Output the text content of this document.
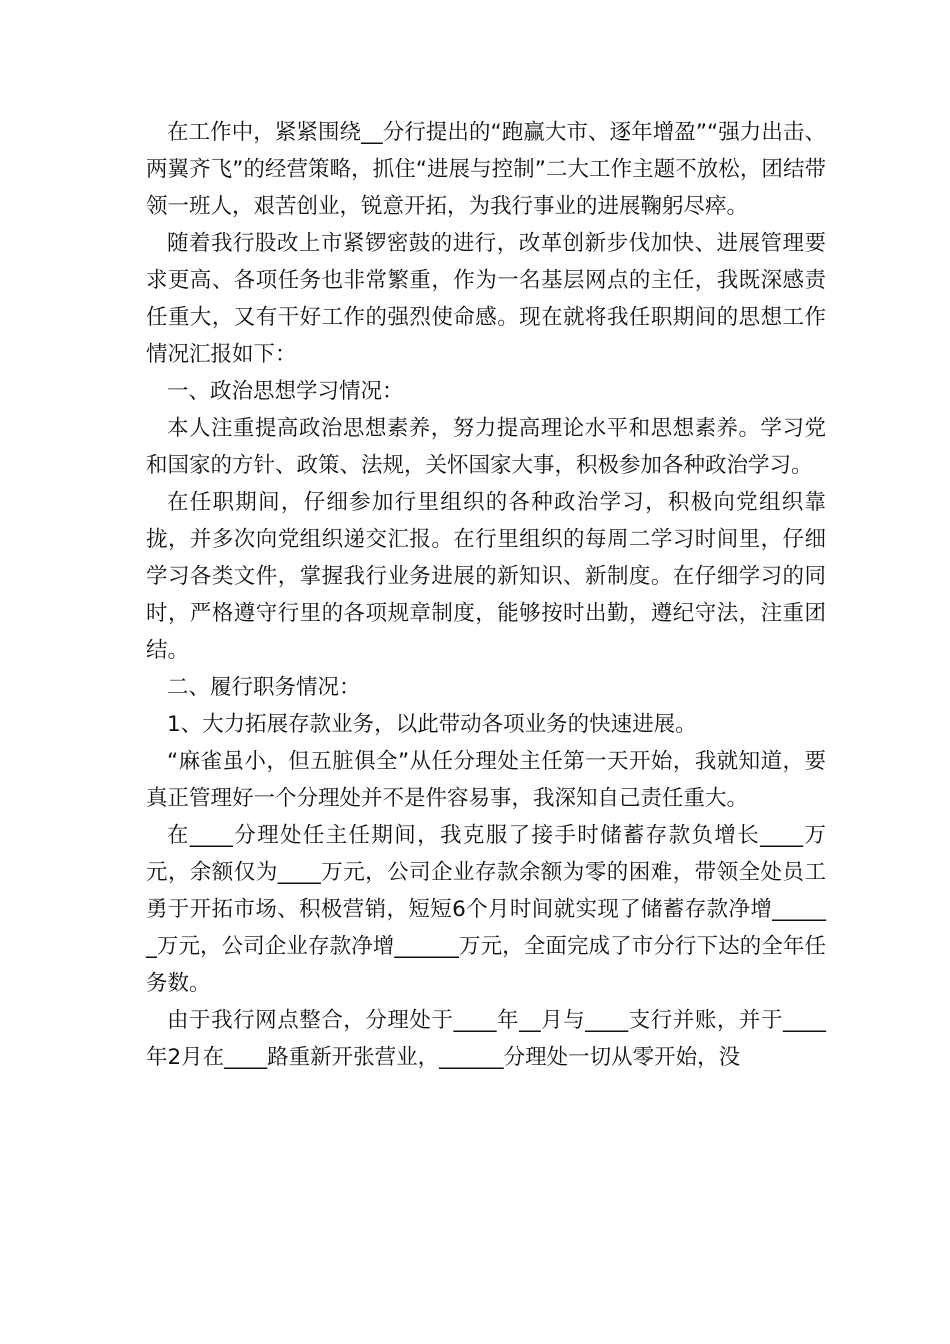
在工作中，紧紧围绕__分行提出的“跑赢大市、逐年增盈”“强力出击、两翼齐飞”的经营策略，抓住“进展与控制”二大工作主题不放松，团结带领一班人，艰苦创业，锐意开拓，为我行事业的进展鞠躬尽瘁。

随着我行股改上市紧锣密鼓的进行，改革创新步伐加快、进展管理要求更高、各项任务也非常繁重，作为一名基层网点的主任，我既深感责任重大，又有干好工作的强烈使命感。现在就将我任职期间的思想工作情况汇报如下：

一、政治思想学习情况：

本人注重提高政治思想素养，努力提高理论水平和思想素养。学习党和国家的方针、政策、法规，关怀国家大事，积极参加各种政治学习。

在任职期间，仔细参加行里组织的各种政治学习，积极向党组织靠拢，并多次向党组织递交汇报。在行里组织的每周二学习时间里，仔细学习各类文件，掌握我行业务进展的新知识、新制度。在仔细学习的同时，严格遵守行里的各项规章制度，能够按时出勤，遵纪守法，注重团结。

二、履行职务情况：

1、大力拓展存款业务，以此带动各项业务的快速进展。

“麻雀虽小，但五脏俱全”从任分理处主任第一天开始，我就知道，要真正管理好一个分理处并不是件容易事，我深知自己责任重大。

在____分理处任主任期间，我克服了接手时储蓄存款负增长____万元，余额仅为____万元，公司企业存款余额为零的困难，带领全处员工勇于开拓市场、积极营销，短短6个月时间就实现了储蓄存款净增______万元，公司企业存款净增______万元，全面完成了市分行下达的全年任务数。

由于我行网点整合，分理处于____年__月与____支行并账，并于____年2月在____路重新开张营业，______分理处一切从零开始，没
